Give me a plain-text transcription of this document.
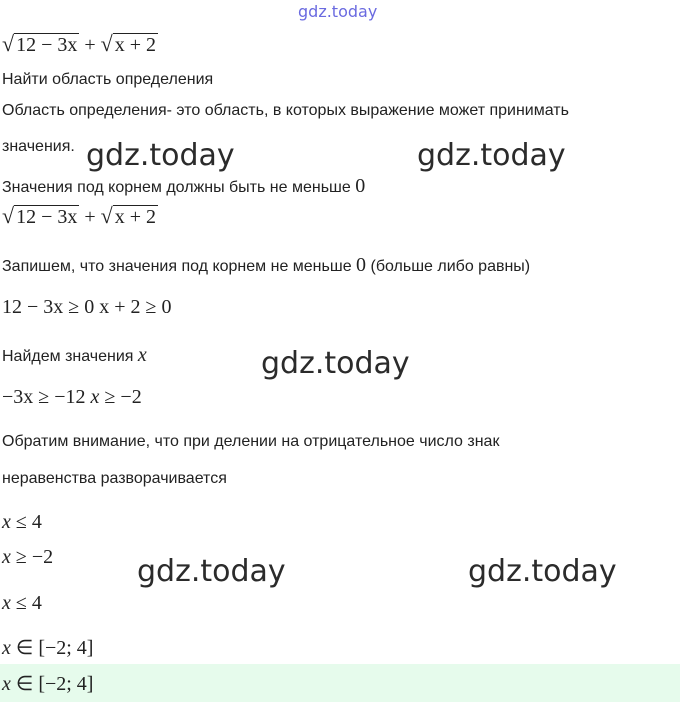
gdz.today
√ 12 − 3x + √ x + 2
Найти область определения
Область определения- это область, в которых выражение может принимать
значения.
Значения под корнем должны быть не меньше 0
√ 12 − 3x + √ x + 2
Запишем, что значения под корнем не меньше 0 (больше либо равны)
12 − 3x ≥ 0 x + 2 ≥ 0
Найдем значения x
−3x ≥ −12 x ≥ −2
Обратим внимание, что при делении на отрицательное число знак
неравенства разворачивается
x ≤ 4
x ≥ −2
x ≤ 4
x ∈ [−2; 4]
x ∈ [−2; 4]
gdz.today	gdz.today
gdz.today
gdz.today	gdz.today
